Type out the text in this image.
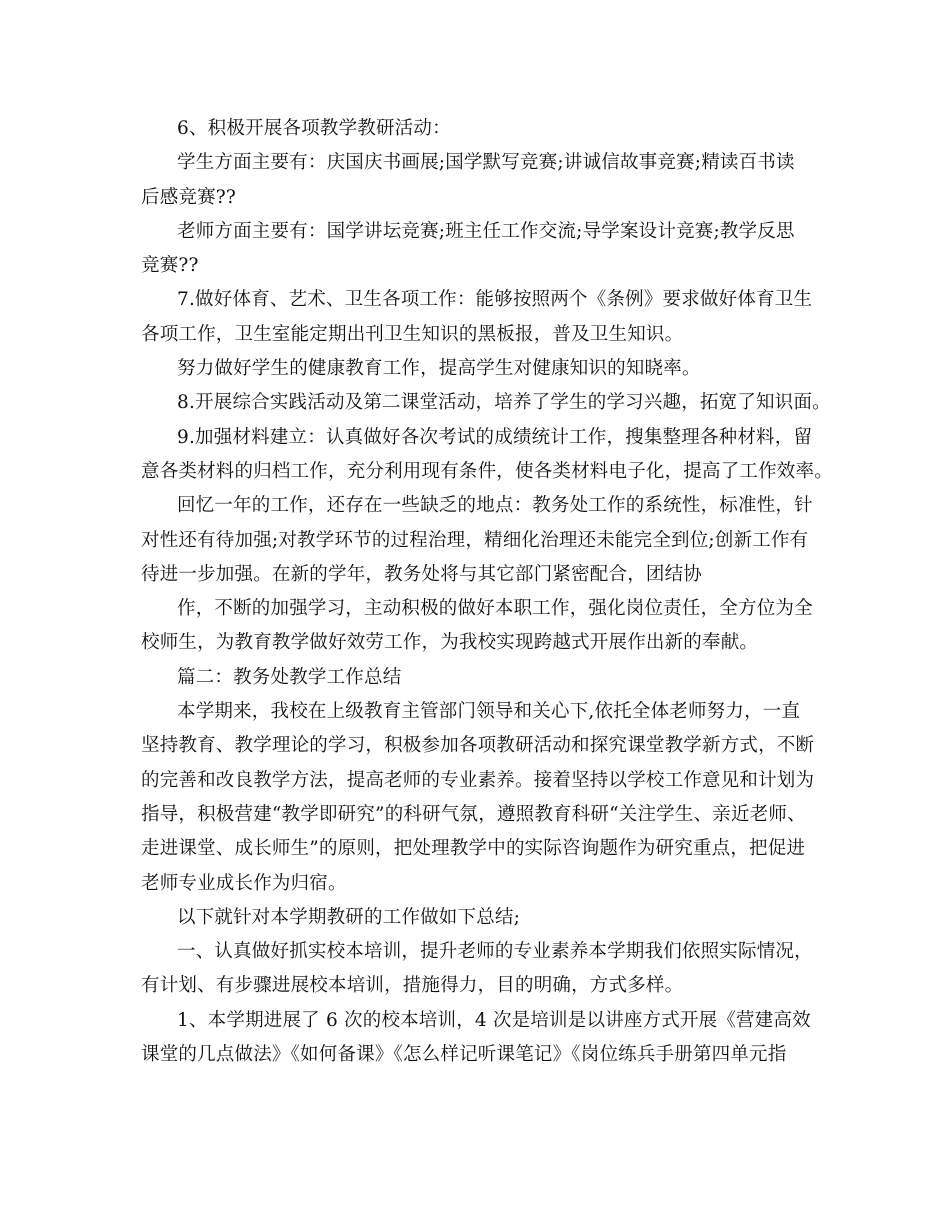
6、积极开展各项教学教研活动：
学生方面主要有：庆国庆书画展;国学默写竞赛;讲诚信故事竞赛;精读百书读
后感竞赛??
老师方面主要有：国学讲坛竞赛;班主任工作交流;导学案设计竞赛;教学反思
竞赛??
7.做好体育、艺术、卫生各项工作：能够按照两个《条例》要求做好体育卫生
各项工作，卫生室能定期出刊卫生知识的黑板报，普及卫生知识。
努力做好学生的健康教育工作，提高学生对健康知识的知晓率。
8.开展综合实践活动及第二课堂活动，培养了学生的学习兴趣，拓宽了知识面。
9.加强材料建立：认真做好各次考试的成绩统计工作，搜集整理各种材料，留
意各类材料的归档工作，充分利用现有条件，使各类材料电子化，提高了工作效率。
回忆一年的工作，还存在一些缺乏的地点：教务处工作的系统性，标准性，针
对性还有待加强;对教学环节的过程治理，精细化治理还未能完全到位;创新工作有
待进一步加强。在新的学年，教务处将与其它部门紧密配合，团结协
作，不断的加强学习，主动积极的做好本职工作，强化岗位责任，全方位为全
校师生，为教育教学做好效劳工作，为我校实现跨越式开展作出新的奉献。
篇二：教务处教学工作总结
本学期来，我校在上级教育主管部门领导和关心下,依托全体老师努力，一直
坚持教育、教学理论的学习，积极参加各项教研活动和探究课堂教学新方式，不断
的完善和改良教学方法，提高老师的专业素养。接着坚持以学校工作意见和计划为
指导，积极营建“教学即研究”的科研气氛，遵照教育科研“关注学生、亲近老师、
走进课堂、成长师生”的原则，把处理教学中的实际咨询题作为研究重点，把促进
老师专业成长作为归宿。
以下就针对本学期教研的工作做如下总结;
一、认真做好抓实校本培训，提升老师的专业素养本学期我们依照实际情况，
有计划、有步骤进展校本培训，措施得力，目的明确，方式多样。
1、本学期进展了 6 次的校本培训，4 次是培训是以讲座方式开展《营建高效
课堂的几点做法》《如何备课》《怎么样记听课笔记》《岗位练兵手册第四单元指
